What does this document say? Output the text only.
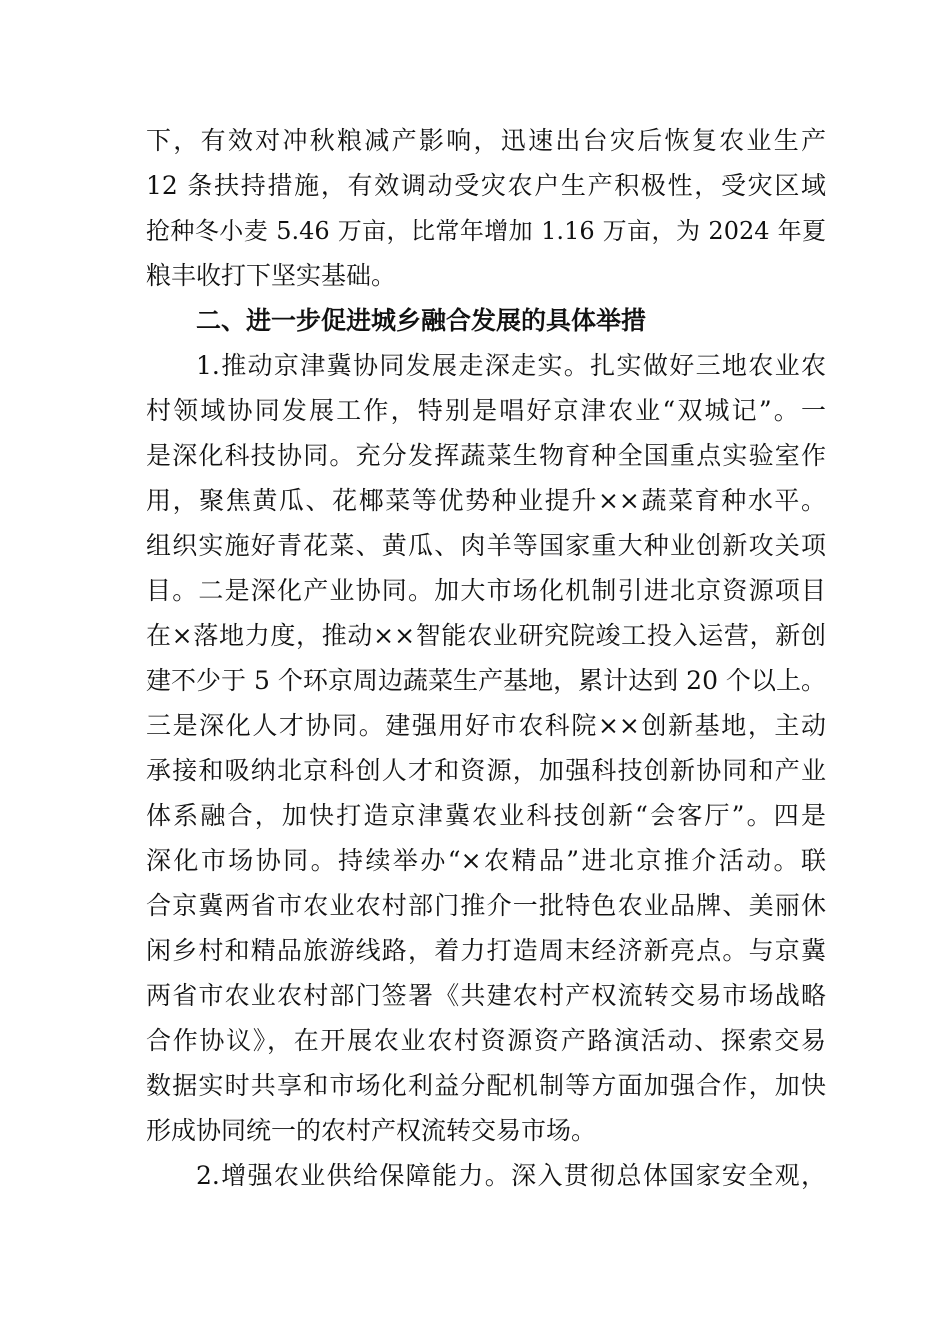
下，有效对冲秋粮减产影响，迅速出台灾后恢复农业生产
12 条扶持措施，有效调动受灾农户生产积极性，受灾区域
抢种冬小麦 5.46 万亩，比常年增加 1.16 万亩，为 2024 年夏
粮丰收打下坚实基础。
二、进一步促进城乡融合发展的具体举措
1.推动京津冀协同发展走深走实。扎实做好三地农业农
村领域协同发展工作，特别是唱好京津农业“双城记”。一
是深化科技协同。充分发挥蔬菜生物育种全国重点实验室作
用，聚焦黄瓜、花椰菜等优势种业提升××蔬菜育种水平。
组织实施好青花菜、黄瓜、肉羊等国家重大种业创新攻关项
目。二是深化产业协同。加大市场化机制引进北京资源项目
在×落地力度，推动××智能农业研究院竣工投入运营，新创
建不少于 5 个环京周边蔬菜生产基地，累计达到 20 个以上。
三是深化人才协同。建强用好市农科院××创新基地，主动
承接和吸纳北京科创人才和资源，加强科技创新协同和产业
体系融合，加快打造京津冀农业科技创新“会客厅”。四是
深化市场协同。持续举办“×农精品”进北京推介活动。联
合京冀两省市农业农村部门推介一批特色农业品牌、美丽休
闲乡村和精品旅游线路，着力打造周末经济新亮点。与京冀
两省市农业农村部门签署《共建农村产权流转交易市场战略
合作协议》，在开展农业农村资源资产路演活动、探索交易
数据实时共享和市场化利益分配机制等方面加强合作，加快
形成协同统一的农村产权流转交易市场。
2.增强农业供给保障能力。深入贯彻总体国家安全观，
